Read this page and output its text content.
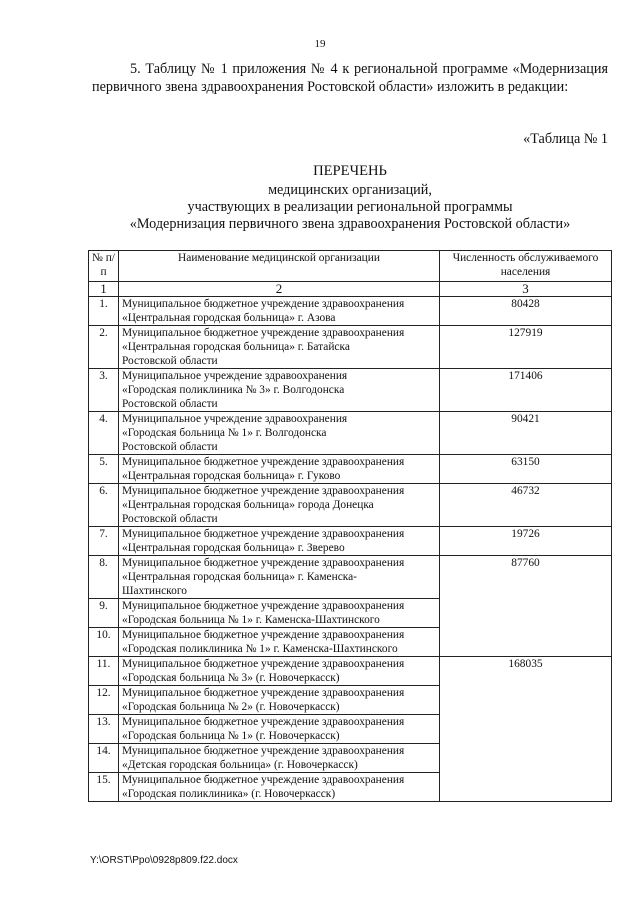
19
5. Таблицу № 1 приложения № 4 к региональной программе «Модернизация первичного звена здравоохранения Ростовской области» изложить в редакции:
«Таблица № 1
ПЕРЕЧЕНЬ
медицинских организаций,
участвующих в реализации региональной программы
«Модернизация первичного звена здравоохранения Ростовской области»
№ п/п	Наименование медицинской организации	Численность обслуживаемого населения
1	2	3
1.	Муниципальное бюджетное учреждение здравоохранения
«Центральная городская больница» г. Азова	80428
2.	Муниципальное бюджетное учреждение здравоохранения
«Центральная городская больница» г. Батайска
Ростовской области	127919
3.	Муниципальное учреждение здравоохранения
«Городская поликлиника № 3» г. Волгодонска
Ростовской области	171406
4.	Муниципальное учреждение здравоохранения
«Городская больница № 1» г. Волгодонска
Ростовской области	90421
5.	Муниципальное бюджетное учреждение здравоохранения
«Центральная городская больница» г. Гуково	63150
6.	Муниципальное бюджетное учреждение здравоохранения
«Центральная городская больница» города Донецка
Ростовской области	46732
7.	Муниципальное бюджетное учреждение здравоохранения
«Центральная городская больница» г. Зверево	19726
8.	Муниципальное бюджетное учреждение здравоохранения
«Центральная городская больница» г. Каменска-
Шахтинского	87760
9.	Муниципальное бюджетное учреждение здравоохранения
«Городская больница № 1» г. Каменска-Шахтинского	

10.	Муниципальное бюджетное учреждение здравоохранения
«Городская поликлиника № 1» г. Каменска-Шахтинского	

11.	Муниципальное бюджетное учреждение здравоохранения
«Городская больница № 3» (г. Новочеркасск)	168035
12.	Муниципальное бюджетное учреждение здравоохранения
«Городская больница № 2» (г. Новочеркасск)	

13.	Муниципальное бюджетное учреждение здравоохранения
«Городская больница № 1» (г. Новочеркасск)	

14.	Муниципальное бюджетное учреждение здравоохранения
«Детская городская больница» (г. Новочеркасск)	

15.	Муниципальное бюджетное учреждение здравоохранения
«Городская поликлиника» (г. Новочеркасск)	
Y:\ORST\Ppo\0928p809.f22.docx
